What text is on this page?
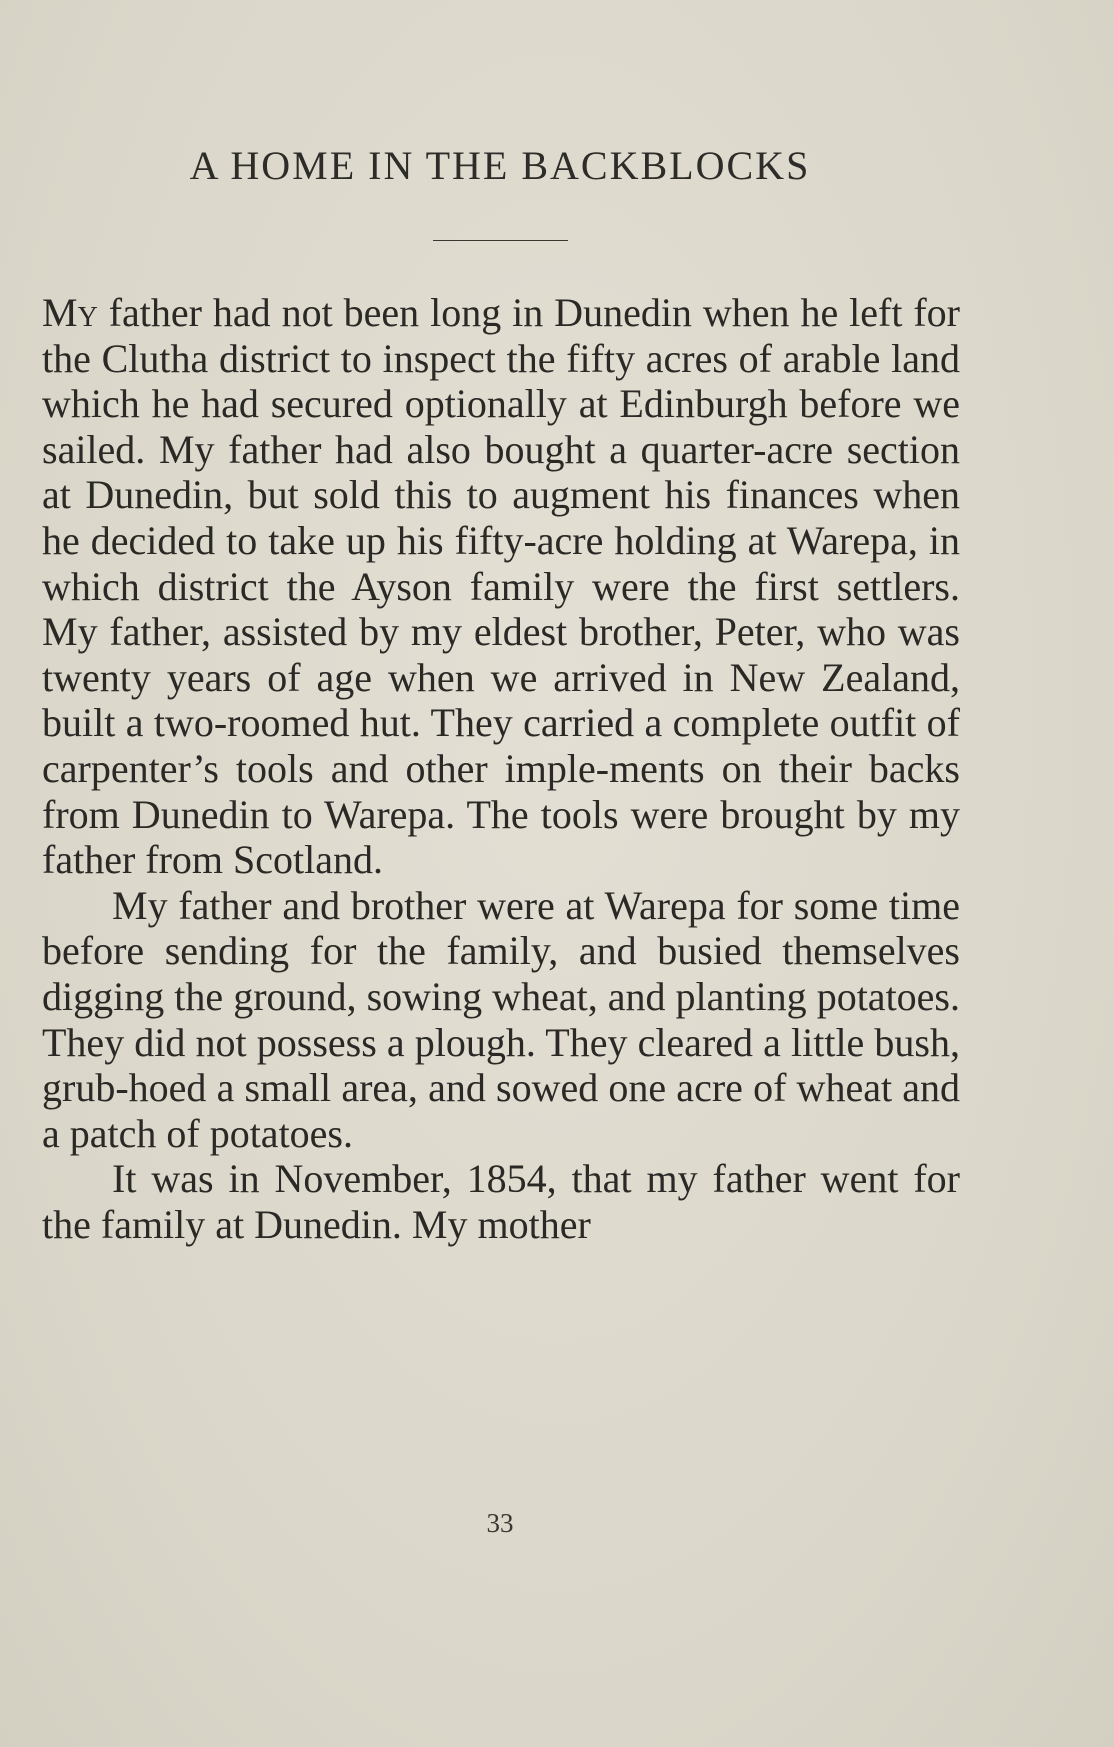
A HOME IN THE BACKBLOCKS

My father had not been long in Dunedin when he left for the Clutha district to inspect the fifty acres of arable land which he had secured optionally at Edinburgh before we sailed. My father had also bought a quarter-acre section at Dunedin, but sold this to augment his finances when he decided to take up his fifty-acre holding at Warepa, in which district the Ayson family were the first settlers. My father, assisted by my eldest brother, Peter, who was twenty years of age when we arrived in New Zealand, built a two-roomed hut. They carried a complete outfit of carpenter’s tools and other imple-ments on their backs from Dunedin to Warepa. The tools were brought by my father from Scotland.

My father and brother were at Warepa for some time before sending for the family, and busied themselves digging the ground, sowing wheat, and planting potatoes. They did not possess a plough. They cleared a little bush, grub-hoed a small area, and sowed one acre of wheat and a patch of potatoes.

It was in November, 1854, that my father went for the family at Dunedin. My mother

33
